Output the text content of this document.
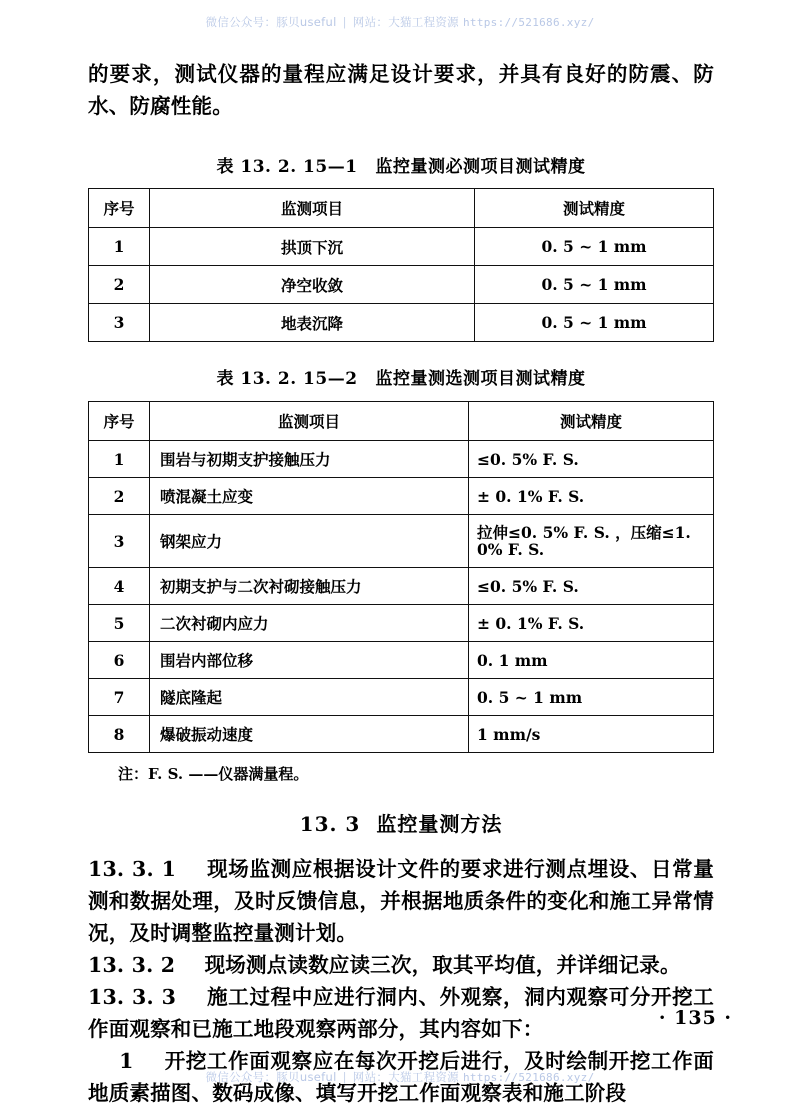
微信公众号：豚贝useful | 网站：大猫工程资源 https://521686.xyz/

的要求，测试仪器的量程应满足设计要求，并具有良好的防震、防水、防腐性能。

表 13. 2. 15—1 监控量测必测项目测试精度

序号	监测项目	测试精度
1	拱顶下沉	0. 5 ~ 1 mm
2	净空收敛	0. 5 ~ 1 mm
3	地表沉降	0. 5 ~ 1 mm

表 13. 2. 15—2 监控量测选测项目测试精度

序号	监测项目	测试精度
1	围岩与初期支护接触压力	≤0. 5% F. S.
2	喷混凝土应变	± 0. 1% F. S.
3	钢架应力	拉伸≤0. 5% F. S. ，压缩≤1. 0% F. S.
4	初期支护与二次衬砌接触压力	≤0. 5% F. S.
5	二次衬砌内应力	± 0. 1% F. S.
6	围岩内部位移	0. 1 mm
7	隧底隆起	0. 5 ~ 1 mm
8	爆破振动速度	1 mm/s

注：F. S. ——仪器满量程。

13. 3 监控量测方法

13. 3. 1 现场监测应根据设计文件的要求进行测点埋设、日常量测和数据处理，及时反馈信息，并根据地质条件的变化和施工异常情况，及时调整监控量测计划。

13. 3. 2 现场测点读数应读三次，取其平均值，并详细记录。

13. 3. 3 施工过程中应进行洞内、外观察，洞内观察可分开挖工作面观察和已施工地段观察两部分，其内容如下：

1 开挖工作面观察应在每次开挖后进行，及时绘制开挖工作面地质素描图、数码成像、填写开挖工作面观察表和施工阶段

· 135 ·
微信公众号：豚贝useful | 网站：大猫工程资源 https://521686.xyz/
